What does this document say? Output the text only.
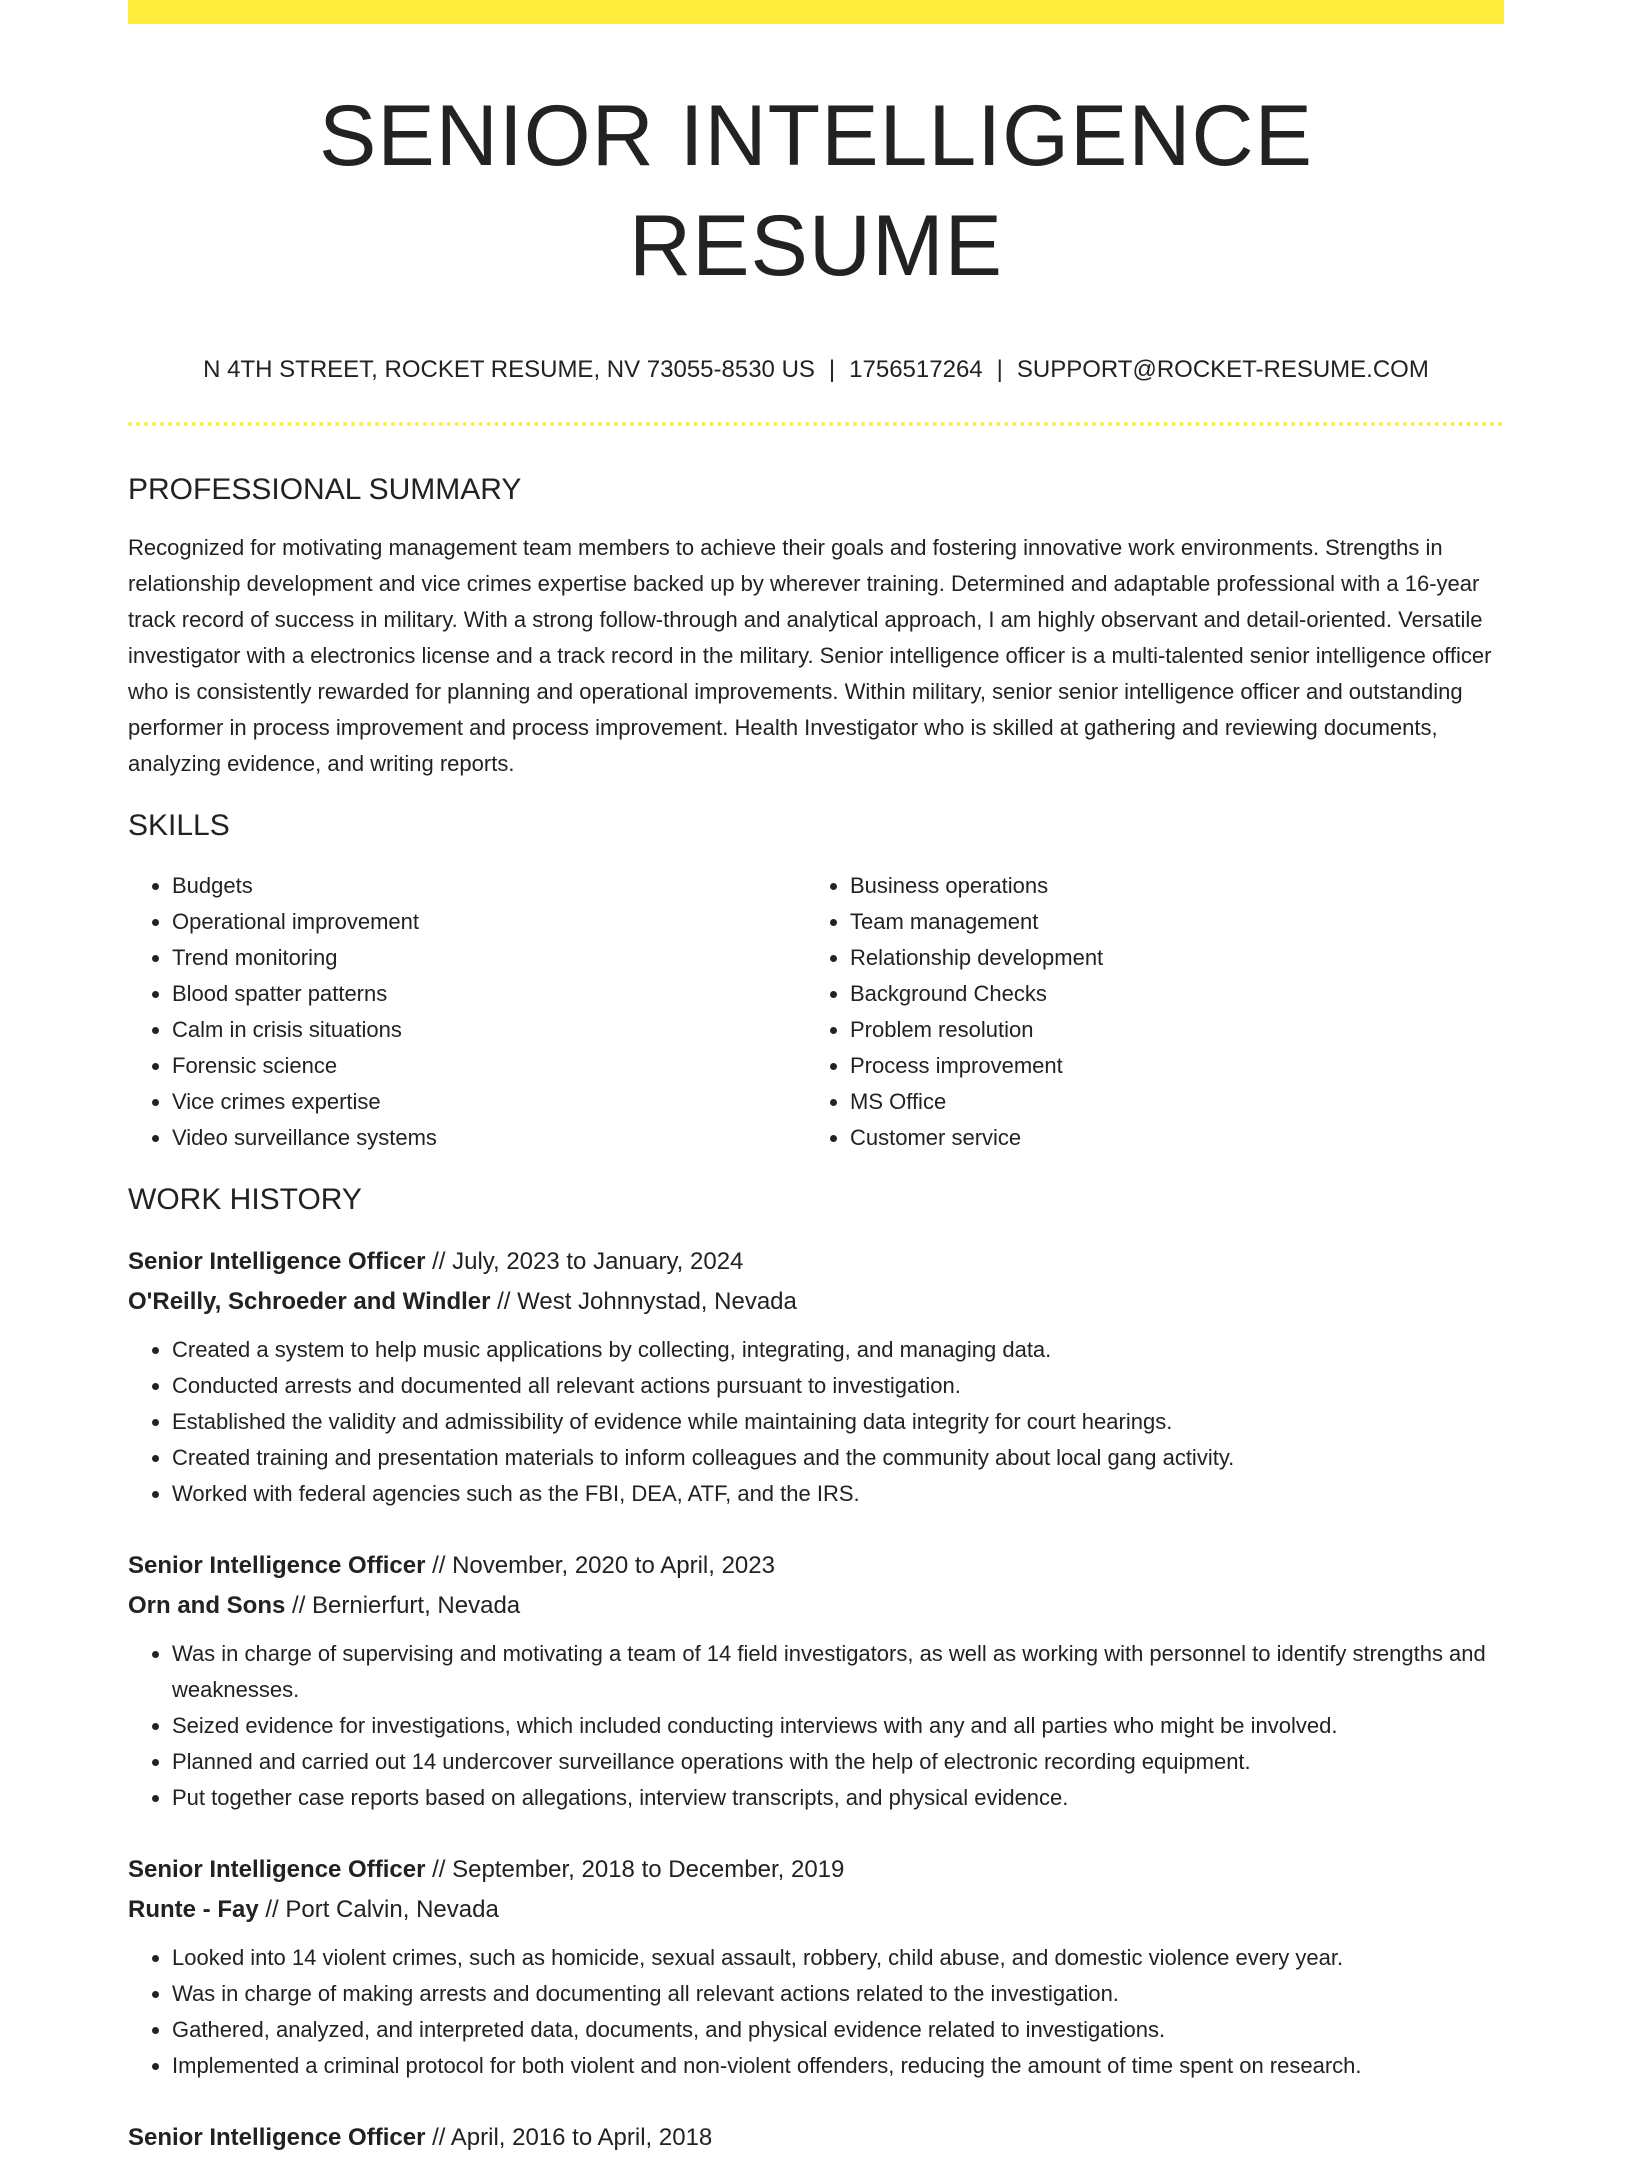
SENIOR INTELLIGENCE RESUME
N 4TH STREET, ROCKET RESUME, NV 73055-8530 US | 1756517264 | SUPPORT@ROCKET-RESUME.COM
PROFESSIONAL SUMMARY
Recognized for motivating management team members to achieve their goals and fostering innovative work environments. Strengths in relationship development and vice crimes expertise backed up by wherever training. Determined and adaptable professional with a 16-year track record of success in military. With a strong follow-through and analytical approach, I am highly observant and detail-oriented. Versatile investigator with a electronics license and a track record in the military. Senior intelligence officer is a multi-talented senior intelligence officer who is consistently rewarded for planning and operational improvements. Within military, senior senior intelligence officer and outstanding performer in process improvement and process improvement. Health Investigator who is skilled at gathering and reviewing documents, analyzing evidence, and writing reports.
SKILLS
• Budgets
• Operational improvement
• Trend monitoring
• Blood spatter patterns
• Calm in crisis situations
• Forensic science
• Vice crimes expertise
• Video surveillance systems
• Business operations
• Team management
• Relationship development
• Background Checks
• Problem resolution
• Process improvement
• MS Office
• Customer service
WORK HISTORY
Senior Intelligence Officer // July, 2023 to January, 2024
O'Reilly, Schroeder and Windler // West Johnnystad, Nevada
• Created a system to help music applications by collecting, integrating, and managing data.
• Conducted arrests and documented all relevant actions pursuant to investigation.
• Established the validity and admissibility of evidence while maintaining data integrity for court hearings.
• Created training and presentation materials to inform colleagues and the community about local gang activity.
• Worked with federal agencies such as the FBI, DEA, ATF, and the IRS.
Senior Intelligence Officer // November, 2020 to April, 2023
Orn and Sons // Bernierfurt, Nevada
• Was in charge of supervising and motivating a team of 14 field investigators, as well as working with personnel to identify strengths and weaknesses.
• Seized evidence for investigations, which included conducting interviews with any and all parties who might be involved.
• Planned and carried out 14 undercover surveillance operations with the help of electronic recording equipment.
• Put together case reports based on allegations, interview transcripts, and physical evidence.
Senior Intelligence Officer // September, 2018 to December, 2019
Runte - Fay // Port Calvin, Nevada
• Looked into 14 violent crimes, such as homicide, sexual assault, robbery, child abuse, and domestic violence every year.
• Was in charge of making arrests and documenting all relevant actions related to the investigation.
• Gathered, analyzed, and interpreted data, documents, and physical evidence related to investigations.
• Implemented a criminal protocol for both violent and non-violent offenders, reducing the amount of time spent on research.
Senior Intelligence Officer // April, 2016 to April, 2018
